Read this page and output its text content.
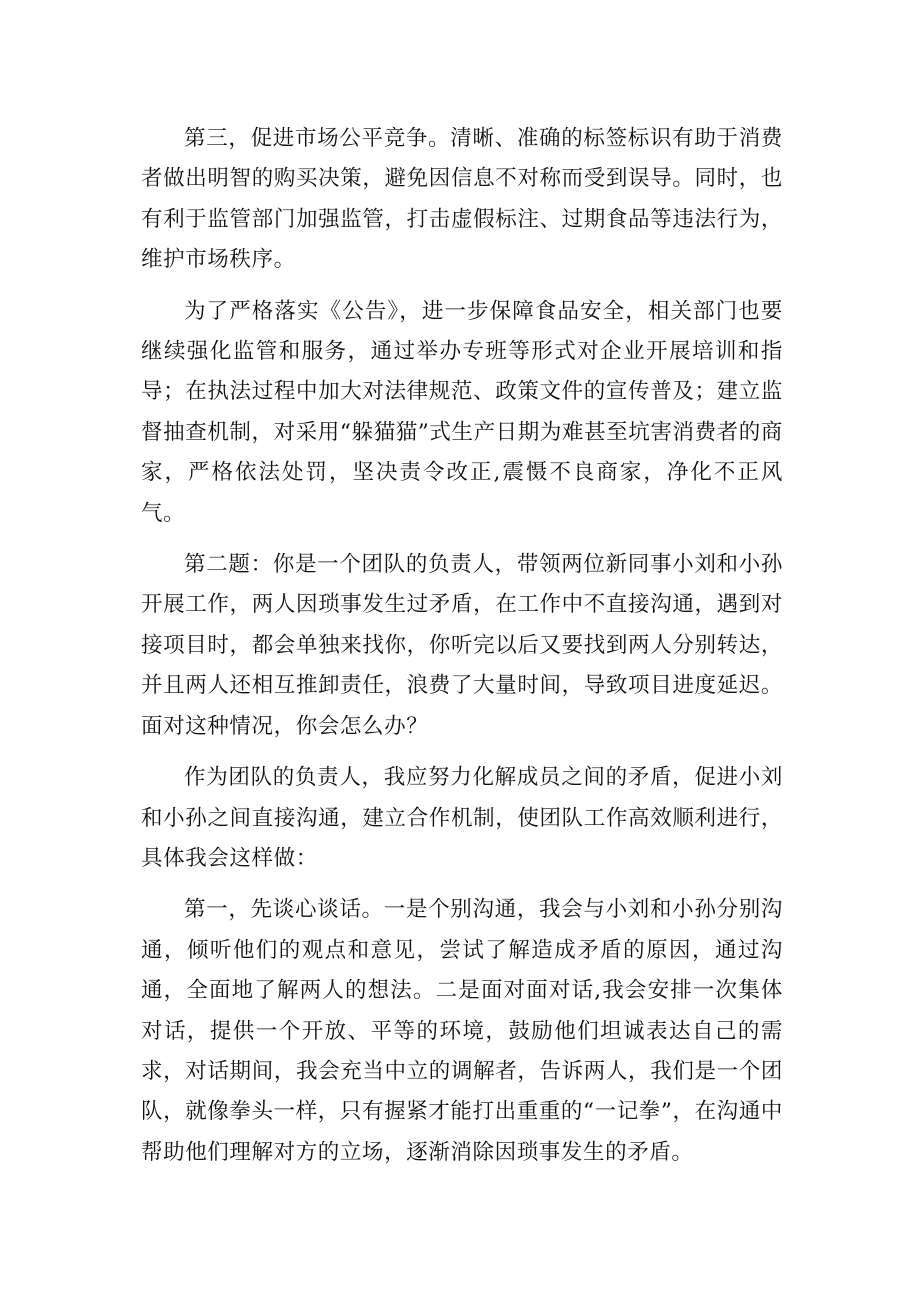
第三，促进市场公平竞争。清晰、准确的标签标识有助于消费者做出明智的购买决策，避免因信息不对称而受到误导。同时，也有利于监管部门加强监管，打击虚假标注、过期食品等违法行为，维护市场秩序。

为了严格落实《公告》，进一步保障食品安全，相关部门也要继续强化监管和服务，通过举办专班等形式对企业开展培训和指导；在执法过程中加大对法律规范、政策文件的宣传普及；建立监督抽查机制，对采用“躲猫猫”式生产日期为难甚至坑害消费者的商家，严格依法处罚，坚决责令改正,震慑不良商家，净化不正风气。

第二题：你是一个团队的负责人，带领两位新同事小刘和小孙开展工作，两人因琐事发生过矛盾，在工作中不直接沟通，遇到对接项目时，都会单独来找你，你听完以后又要找到两人分别转达，并且两人还相互推卸责任，浪费了大量时间，导致项目进度延迟。面对这种情况，你会怎么办？

作为团队的负责人，我应努力化解成员之间的矛盾，促进小刘和小孙之间直接沟通，建立合作机制，使团队工作高效顺利进行，具体我会这样做：

第一，先谈心谈话。一是个别沟通，我会与小刘和小孙分别沟通，倾听他们的观点和意见，尝试了解造成矛盾的原因，通过沟通，全面地了解两人的想法。二是面对面对话,我会安排一次集体对话，提供一个开放、平等的环境，鼓励他们坦诚表达自己的需求，对话期间，我会充当中立的调解者，告诉两人，我们是一个团队，就像拳头一样，只有握紧才能打出重重的“一记拳”，在沟通中帮助他们理解对方的立场，逐渐消除因琐事发生的矛盾。
